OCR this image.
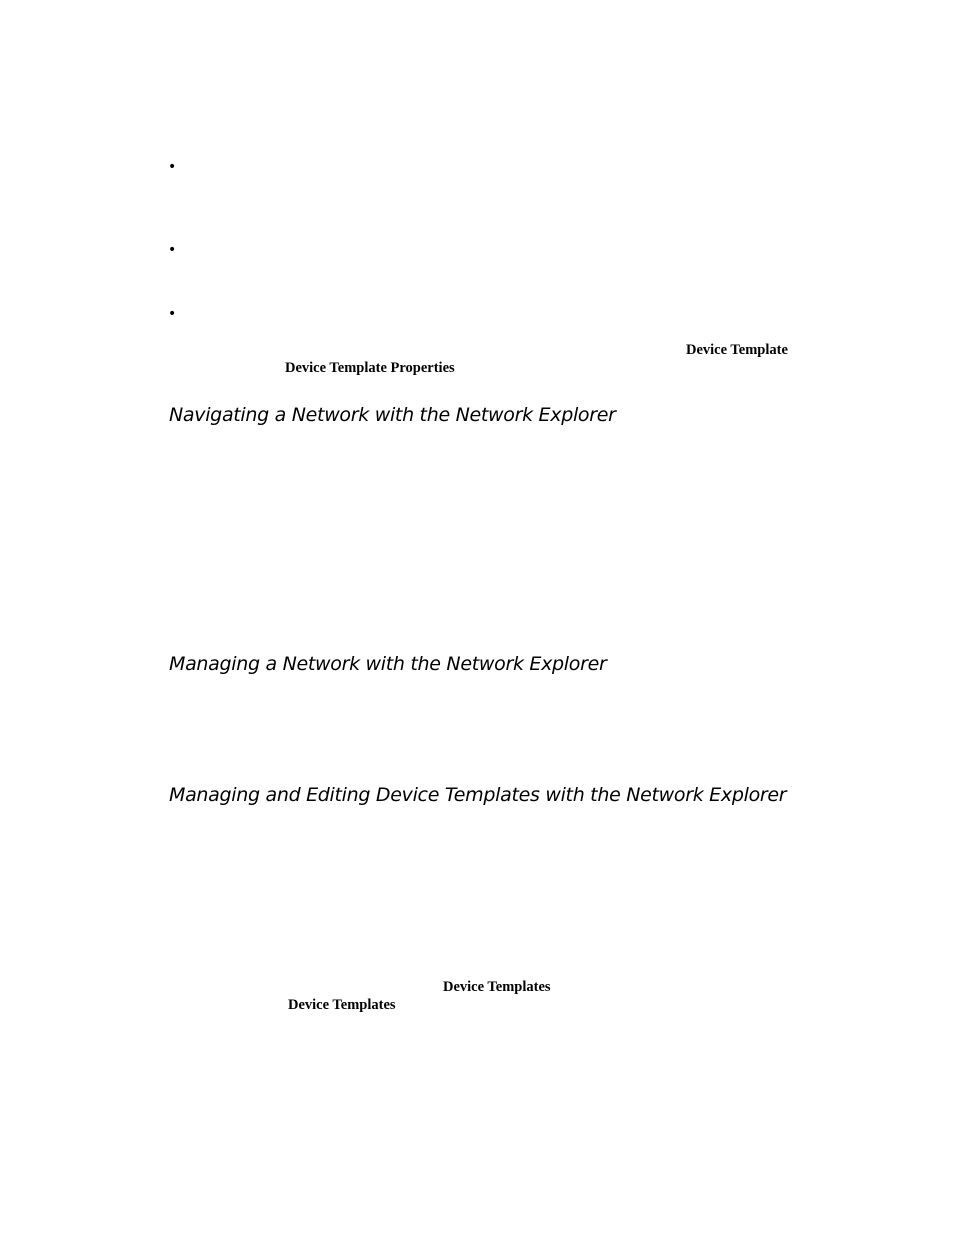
•
•
•
Device Template
Device Template Properties
Navigating a Network with the Network Explorer
Managing a Network with the Network Explorer
Managing and Editing Device Templates with the Network Explorer
Device Templates
Device Templates
